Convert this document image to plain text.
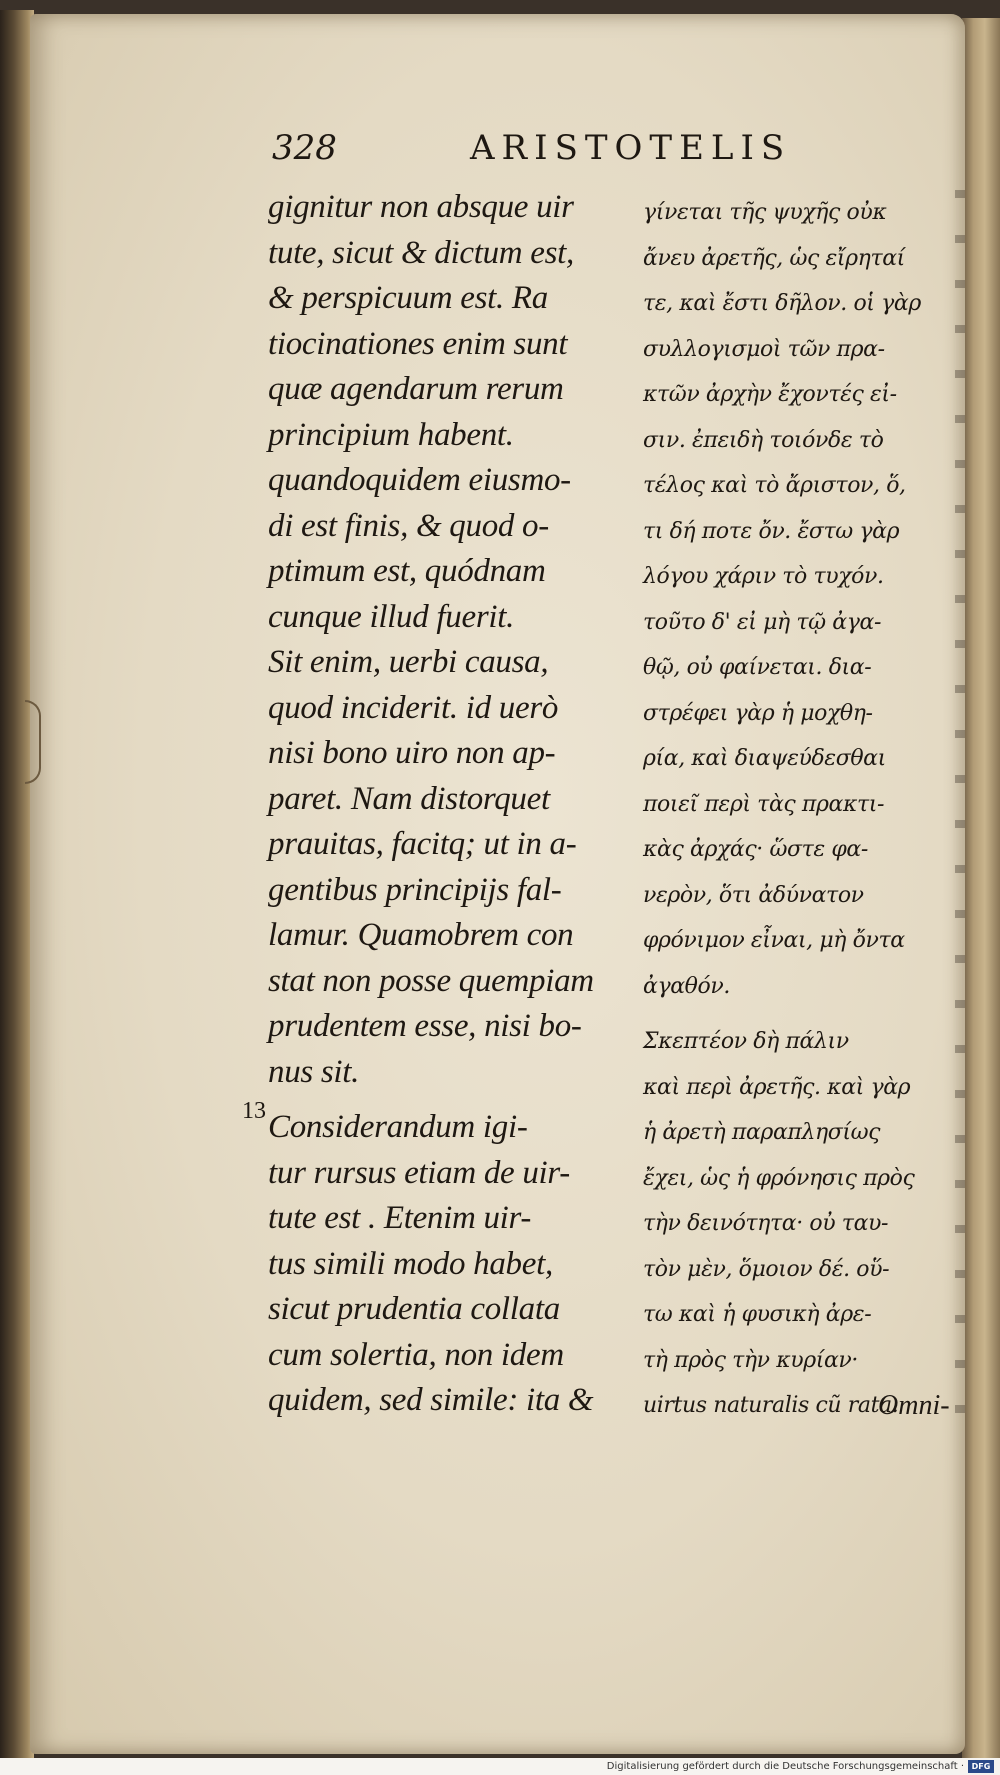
328	ARISTOTELIS
gignitur non absque uir
tute, sicut & dictum est,
& perspicuum est. Ra
tiocinationes enim sunt
quæ agendarum rerum
principium habent.
quandoquidem eiusmo-
di est finis, & quod o-
ptimum est, quódnam
cunque illud fuerit.
Sit enim, uerbi causa,
quod inciderit. id uerò
nisi bono uiro non ap-
paret. Nam distorquet
prauitas, facitq; ut in a-
gentibus principijs fal-
lamur. Quamobrem con
stat non posse quempiam
prudentem esse, nisi bo-
nus sit.
Considerandum igi-
tur rursus etiam de uir-
tute est . Etenim uir-
tus simili modo habet,
sicut prudentia collata
cum solertia, non idem
quidem, sed simile: ita &
γίνεται τῆς ψυχῆς οὐκ
ἄνευ ἀρετῆς, ὡς εἴρηταί
τε, καὶ ἔστι δῆλον. οἱ γὰρ
συλλογισμοὶ τῶν πρα-
κτῶν ἀρχὴν ἔχοντές εἰ-
σιν. ἐπειδὴ τοιόνδε τὸ
τέλος καὶ τὸ ἄριστον, ὅ,
τι δή ποτε ὄν. ἔστω γὰρ
λόγου χάριν τὸ τυχόν.
τοῦτο δ' εἰ μὴ τῷ ἀγα-
θῷ, οὐ φαίνεται. δια-
στρέφει γὰρ ἡ μοχθη-
ρία, καὶ διαψεύδεσθαι
ποιεῖ περὶ τὰς πρακτι-
κὰς ἀρχάς· ὥστε φα-
νερὸν, ὅτι ἀδύνατον
φρόνιμον εἶναι, μὴ ὄντα
ἀγαθόν.
Σκεπτέον δὴ πάλιν
καὶ περὶ ἀρετῆς. καὶ γὰρ
ἡ ἀρετὴ παραπλησίως
ἔχει, ὡς ἡ φρόνησις πρὸς
τὴν δεινότητα· οὐ ταυ-
τὸν μὲν, ὅμοιον δέ. οὕ-
τω καὶ ἡ φυσικὴ ἀρε-
τὴ πρὸς τὴν κυρίαν·
uirtus naturalis cũ rata.
13
Omni-
Digitalisierung gefördert durch die Deutsche Forschungsgemeinschaft · DFG
